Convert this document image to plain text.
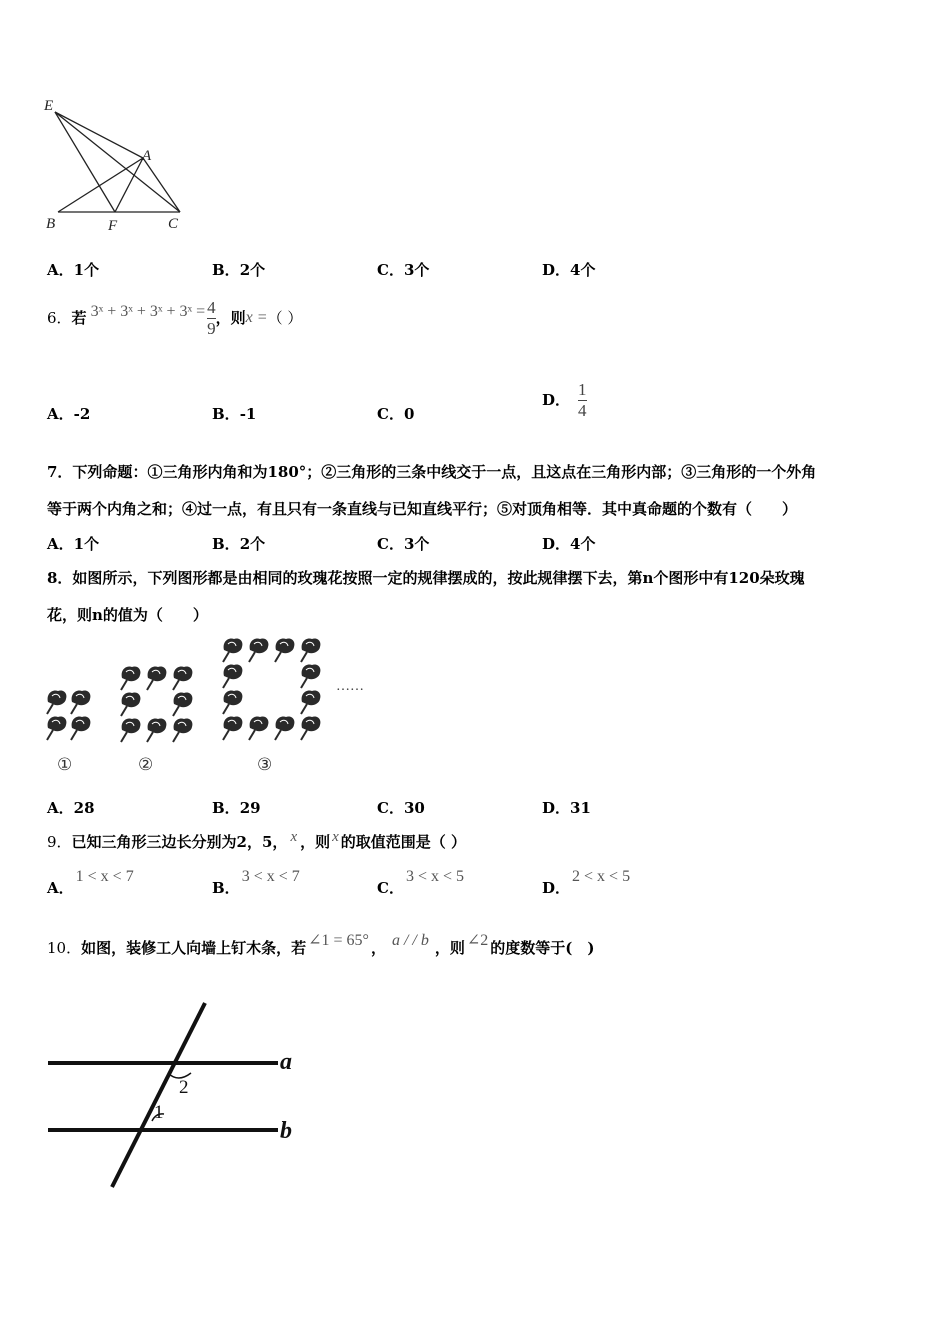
E
A
B	F	C
A．1个	B．2个	C．3个	D．4个
6． 若 3ˣ + 3ˣ + 3ˣ + 3ˣ = $\frac{4}{9}$ ，则 x = （ ）
A．-2	B．-1	C．0
D． $\frac{1}{4}$
7．下列命题：①三角形内角和为180°；②三角形的三条中线交于一点，且这点在三角形内部；③三角形的一个外角
等于两个内角之和；④过一点，有且只有一条直线与已知直线平行；⑤对顶角相等．其中真命题的个数有（　　）
A．1个	B．2个	C．3个	D．4个
8．如图所示，下列图形都是由相同的玫瑰花按照一定的规律摆成的，按此规律摆下去，第n个图形中有120朵玫瑰
花，则n的值为（　　）
……
①	②	③
A．28	B．29	C．30	D．31
9．已知三角形三边长分别为2，5， x ，则 x 的取值范围是（ ）
A．1 < x < 7
B．3 < x < 7
C．3 < x < 5
D．2 < x < 5
10．如图，装修工人向墙上钉木条，若 ∠1 = 65° ， a / / b ，则 ∠2 的度数等于(　)
2
1
a
b
